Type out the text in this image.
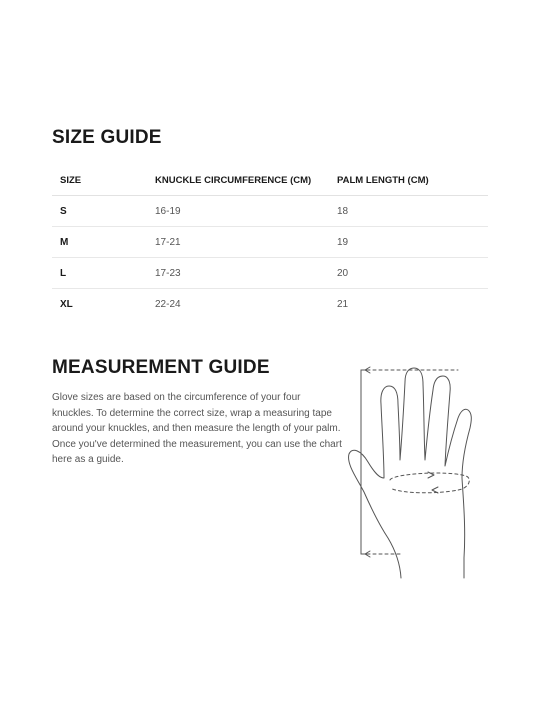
SIZE GUIDE
SIZE	KNUCKLE CIRCUMFERENCE (CM)	PALM LENGTH (CM)
S	16-19	18
M	17-21	19
L	17-23	20
XL	22-24	21
MEASUREMENT GUIDE

Glove sizes are based on the circumference of your four knuckles. To determine the correct size, wrap a measuring tape around your knuckles, and then measure the length of your palm. Once you've determined the measurement, you can use the chart here as a guide.
